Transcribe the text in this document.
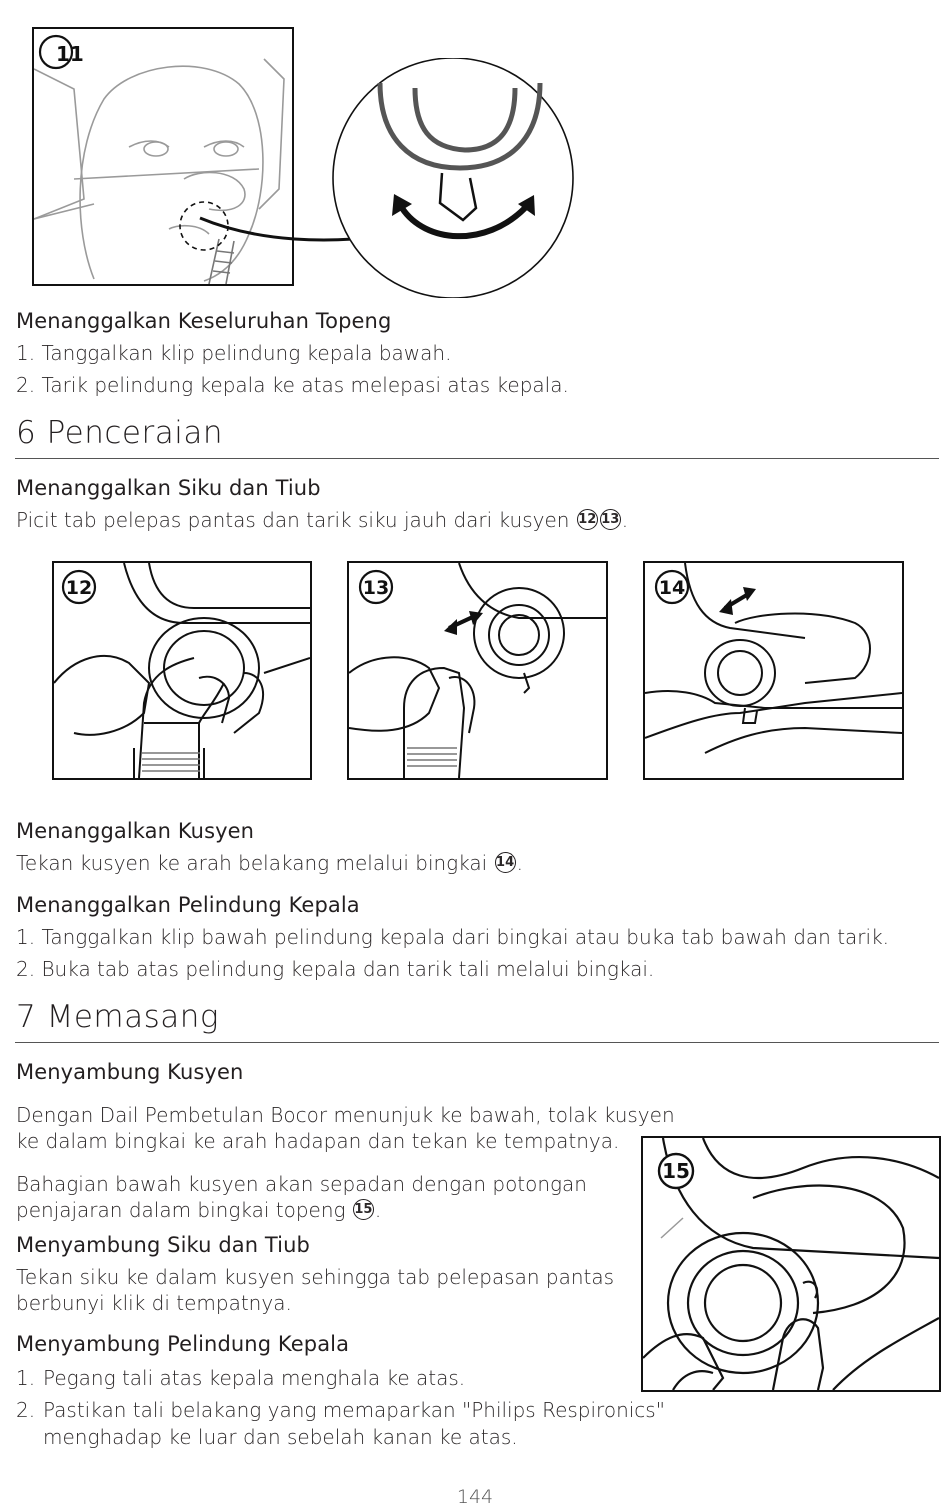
11
Menanggalkan Keseluruhan Topeng
1. Tanggalkan klip pelindung kepala bawah.
2. Tarik pelindung kepala ke atas melepasi atas kepala.
6 Penceraian
Menanggalkan Siku dan Tiub
Picit tab pelepas pantas dan tarik siku jauh dari kusyen 12 13 .
12	13	14
Menanggalkan Kusyen
Tekan kusyen ke arah belakang melalui bingkai 14 .
Menanggalkan Pelindung Kepala
1. Tanggalkan klip bawah pelindung kepala dari bingkai atau buka tab bawah dan tarik.
2. Buka tab atas pelindung kepala dan tarik tali melalui bingkai.
7 Memasang
Menyambung Kusyen
Dengan Dail Pembetulan Bocor menunjuk ke bawah, tolak kusyen
ke dalam bingkai ke arah hadapan dan tekan ke tempatnya.
Bahagian bawah kusyen akan sepadan dengan potongan
penjajaran dalam bingkai topeng 15 .
Menyambung Siku dan Tiub
Tekan siku ke dalam kusyen sehingga tab pelepasan pantas
berbunyi klik di tempatnya.
Menyambung Pelindung Kepala
1. Pegang tali atas kepala menghala ke atas.
2. Pastikan tali belakang yang memaparkan "Philips Respironics"
menghadap ke luar dan sebelah kanan ke atas.
15
144
